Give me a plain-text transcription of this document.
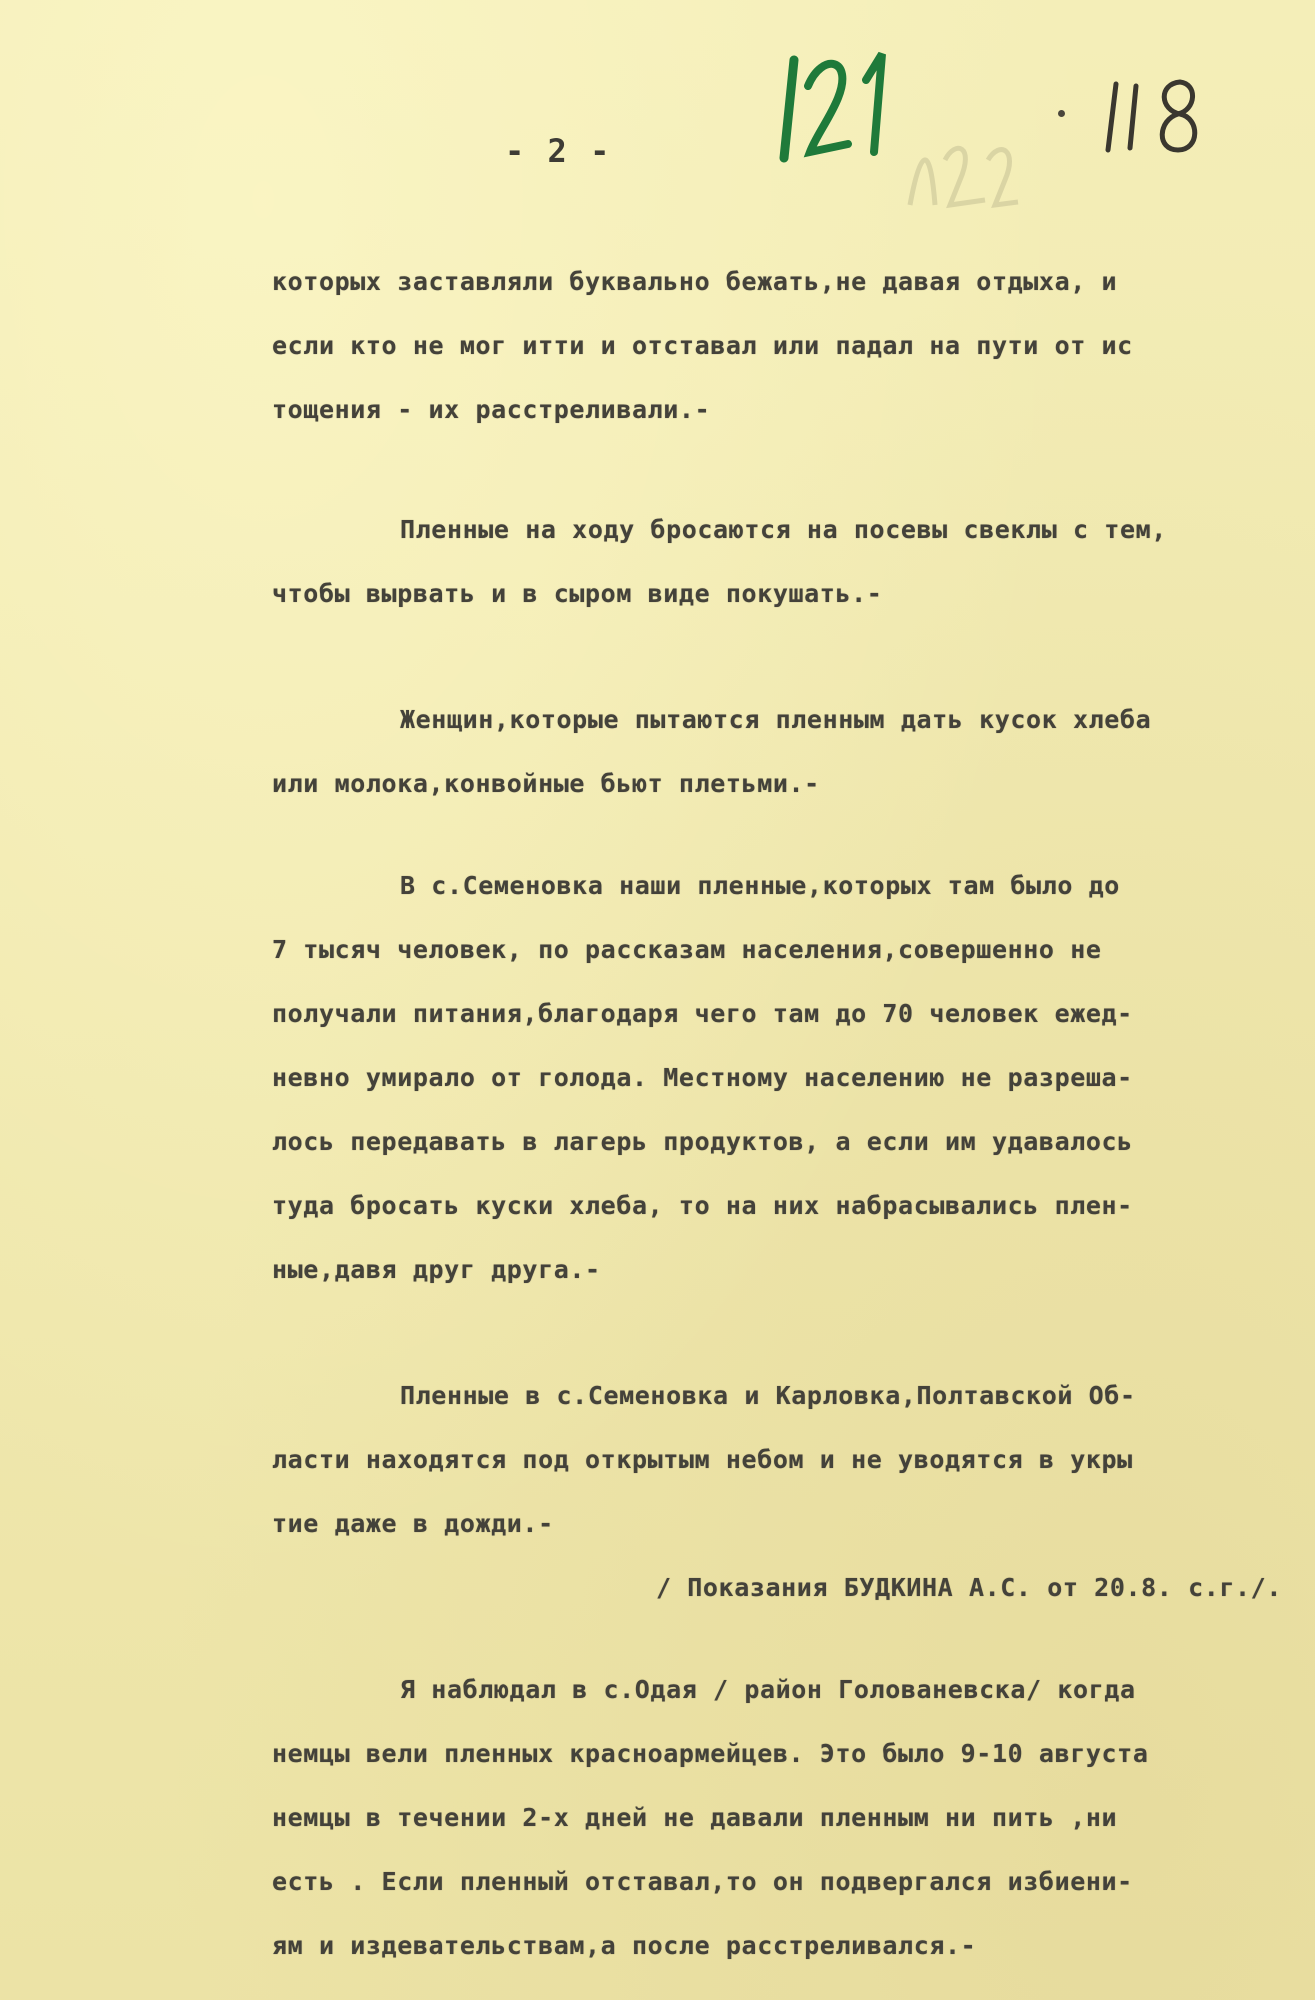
- 2 -
которых заставляли буквально бежать,не давая отдыха, и
если кто не мог итти и отставал или падал на пути от ис
тощения - их расстреливали.-
Пленные на ходу бросаются на посевы свеклы с тем,
чтобы вырвать и в сыром виде покушать.-
Женщин,которые пытаются пленным дать кусок хлеба
или молока,конвойные бьют плетьми.-
В с.Семеновка наши пленные,которых там было до
7 тысяч человек, по рассказам населения,совершенно не
получали питания,благодаря чего там до 70 человек ежед-
невно умирало от голода. Местному населению не разреша-
лось передавать в лагерь продуктов, а если им удавалось
туда бросать куски хлеба, то на них набрасывались плен-
ные,давя друг друга.-
Пленные в с.Семеновка и Карловка,Полтавской Об-
ласти находятся под открытым небом и не уводятся в укры
тие даже в дожди.-
/ Показания БУДКИНА А.С. от 20.8. с.г./.
Я наблюдал в с.Одая / район Голованевска/ когда
немцы вели пленных красноармейцев. Это было 9-10 августа
немцы в течении 2-х дней не давали пленным ни пить ,ни
есть . Если пленный отставал,то он подвергался избиени-
ям и издевательствам,а после расстреливался.-
